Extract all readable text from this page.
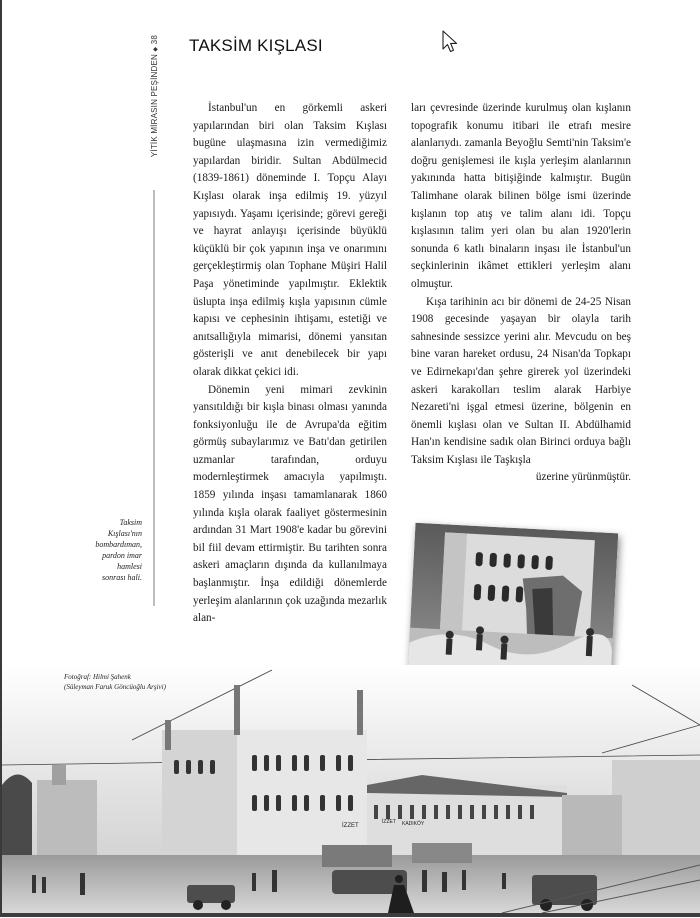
YİTİK MİRASIN PEŞİNDEN ◆ 38 TAKSİM KIŞLASI

İstanbul'un en görkemli askeri yapılarından biri olan Taksim Kışlası bugüne ulaşmasına izin vermediğimiz yapılardan biridir. Sultan Abdülmecid (1839-1861) döneminde I. Topçu Alayı Kışlası olarak inşa edilmiş 19. yüzyıl yapısıydı. Yaşamı içerisinde; görevi gereği ve hayrat anlayışı içerisinde büyüklü küçüklü bir çok yapının inşa ve onarımını gerçekleştirmiş olan Tophane Müşiri Halil Paşa yönetiminde yapılmıştır. Eklektik üslupta inşa edilmiş kışla yapısının cümle kapısı ve cephesinin ihtişamı, estetiği ve anıtsallığıyla mimarisi, dönemi yansıtan gösterişli ve anıt denebilecek bir yapı olarak dikkat çekici idi.

Dönemin yeni mimari zevkinin yansıtıldığı bir kışla binası olması yanında fonksiyonluğu ile de Avrupa'da eğitim görmüş subaylarımız ve Batı'dan getirilen uzmanlar tarafından, orduyu modernleştirmek amacıyla yapılmıştı. 1859 yılında inşası tamamlanarak 1860 yılında kışla olarak faaliyet göstermesinin ardından 31 Mart 1908'e kadar bu görevini bil fiil devam ettirmiştir. Bu tarihten sonra askeri amaçların dışında da kullanılmaya başlanmıştır. İnşa edildiği dönemlerde yerleşim alanlarının çok uzağında mezarlık alan-

ları çevresinde üzerinde kurulmuş olan kışlanın topografik konumu itibari ile etrafı mesire alanlarıydı. zamanla Beyoğlu Semti'nin Taksim'e doğru genişlemesi ile kışla yerleşim alanlarının yakınında hatta bitişiğinde kalmıştır. Bugün Talimhane olarak bilinen bölge ismi üzerinde kışlanın top atış ve talim alanı idi. Topçu kışlasının talim yeri olan bu alan 1920'lerin sonunda 6 katlı binaların inşası ile İstanbul'un seçkinlerinin ikâmet ettikleri yerleşim alanı olmuştur.

Kışa tarihinin acı bir dönemi de 24-25 Nisan 1908 gecesinde yaşayan bir olayla tarih sahnesinde sessizce yerini alır. Mevcudu on beş bine varan hareket ordusu, 24 Nisan'da Topkapı ve Edirnekapı'dan şehre girerek yol üzerindeki askeri karakolları teslim alarak Harbiye Nezareti'ni işgal etmesi üzerine, bölgenin en önemli kışlası olan ve Sultan II. Abdülhamid Han'ın kendisine sadık olan Birinci orduya bağlı Taksim Kışlası ile Taşkışla

üzerine yürünmüştür.

Taksim Kışlası'nın bombardıman, pardon imar hamlesi sonrası hali.
İZZET
İZZET KADIKÖY
Fotoğraf: Hilmi Şahenk
(Süleyman Faruk Göncüoğlu Arşivi)
